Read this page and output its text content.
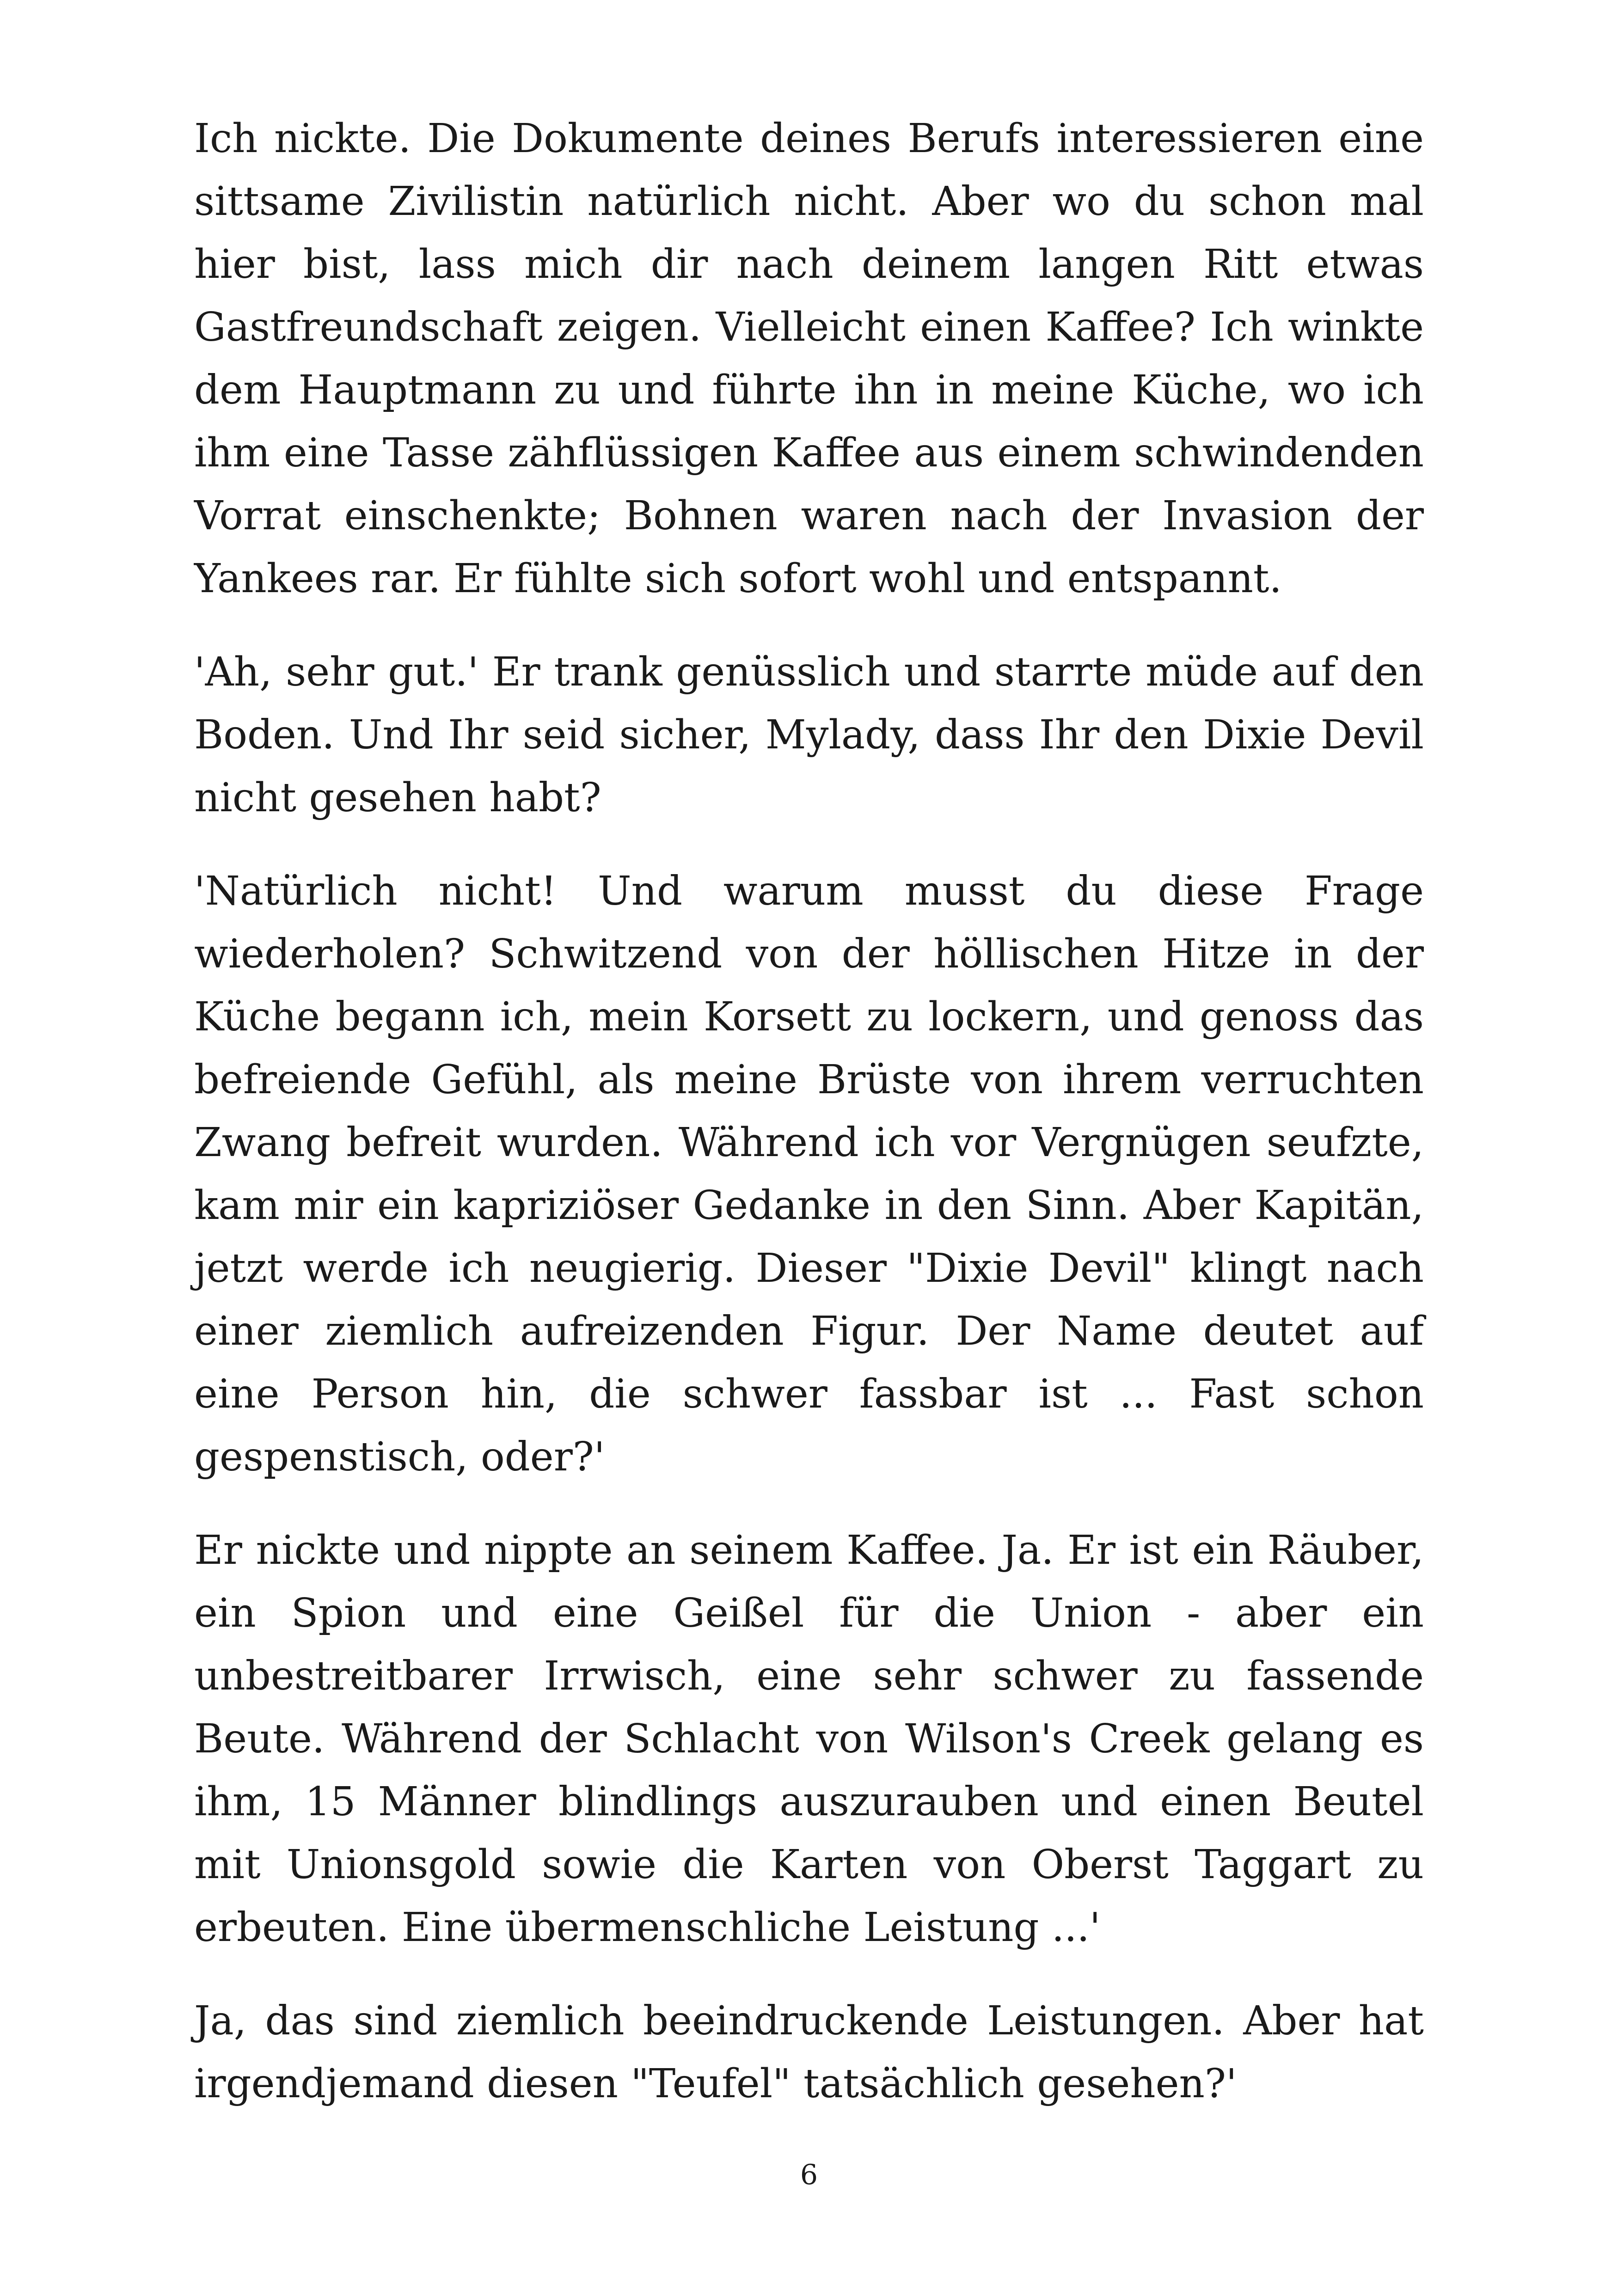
Ich nickte. Die Dokumente deines Berufs interessieren eine sittsame Zivilistin natürlich nicht. Aber wo du schon mal hier bist, lass mich dir nach deinem langen Ritt etwas Gastfreundschaft zeigen. Vielleicht einen Kaffee? Ich winkte dem Hauptmann zu und führte ihn in meine Küche, wo ich ihm eine Tasse zähflüssigen Kaffee aus einem schwindenden Vorrat einschenkte; Bohnen waren nach der Invasion der Yankees rar. Er fühlte sich sofort wohl und entspannt.

'Ah, sehr gut.' Er trank genüsslich und starrte müde auf den Boden. Und Ihr seid sicher, Mylady, dass Ihr den Dixie Devil nicht gesehen habt?

'Natürlich nicht! Und warum musst du diese Frage wiederholen? Schwitzend von der höllischen Hitze in der Küche begann ich, mein Korsett zu lockern, und genoss das befreiende Gefühl, als meine Brüste von ihrem verruchten Zwang befreit wurden. Während ich vor Vergnügen seufzte, kam mir ein kapriziöser Gedanke in den Sinn. Aber Kapitän, jetzt werde ich neugierig. Dieser "Dixie Devil" klingt nach einer ziemlich aufreizenden Figur. Der Name deutet auf eine Person hin, die schwer fassbar ist ... Fast schon gespenstisch, oder?'

Er nickte und nippte an seinem Kaffee. Ja. Er ist ein Räuber, ein Spion und eine Geißel für die Union - aber ein unbestreitbarer Irrwisch, eine sehr schwer zu fassende Beute. Während der Schlacht von Wilson's Creek gelang es ihm, 15 Männer blindlings auszurauben und einen Beutel mit Unionsgold sowie die Karten von Oberst Taggart zu erbeuten. Eine übermenschliche Leistung ...'

Ja, das sind ziemlich beeindruckende Leistungen. Aber hat irgendjemand diesen "Teufel" tatsächlich gesehen?'

6
